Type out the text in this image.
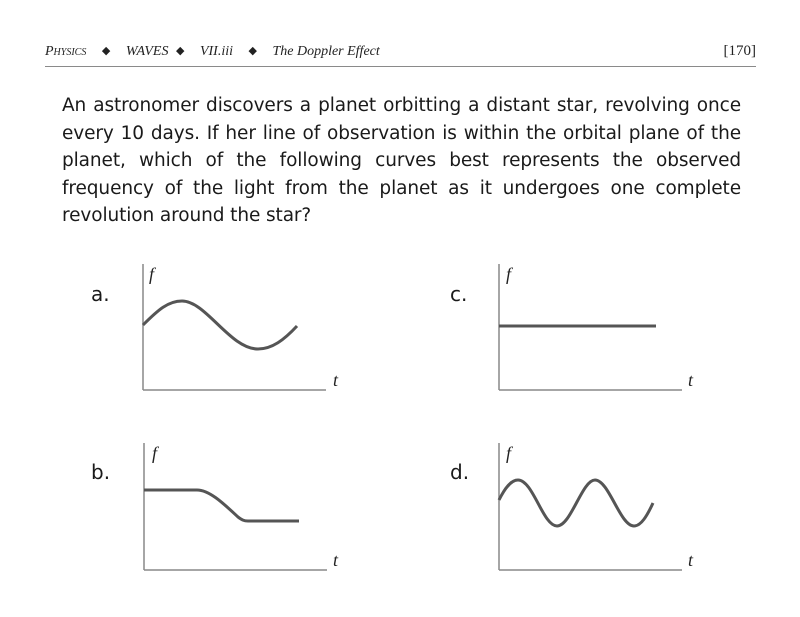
Physics ◆ WAVES ◆ VII.iii ◆ The Doppler Effect	[170]
An astronomer discovers a planet orbitting a distant star, revolving once every 10 days. If her line of observation is within the orbital plane of the planet, which of the following curves best represents the observed frequency of the light from the planet as it undergoes one complete revolution around the star?
a.
b.
c.
d.
f
t
f
t
f
t
f
t
